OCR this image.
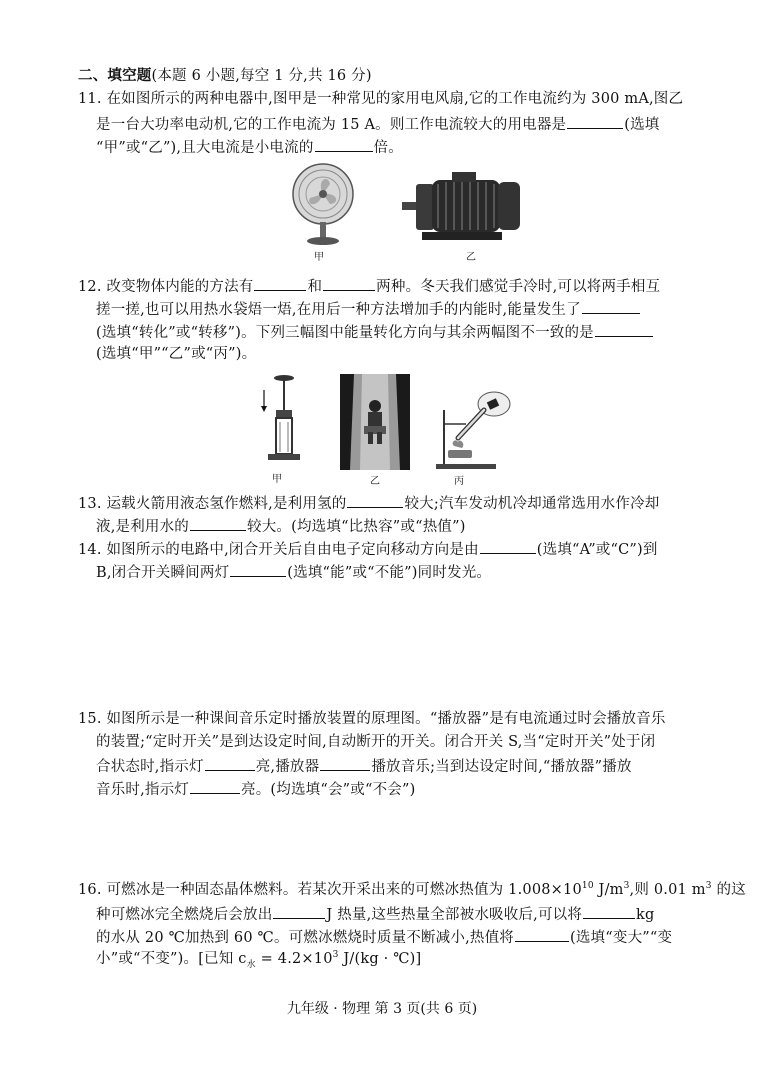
二、填空题(本题 6 小题,每空 1 分,共 16 分)
11. 在如图所示的两种电器中,图甲是一种常见的家用电风扇,它的工作电流约为 300 mA,图乙
是一台大功率电动机,它的工作电流为 15 A。则工作电流较大的用电器是	(选填
“甲”或“乙”),且大电流是小电流的	倍。
甲	乙
12. 改变物体内能的方法有	和	两种。冬天我们感觉手冷时,可以将两手相互
搓一搓,也可以用热水袋焐一焐,在用后一种方法增加手的内能时,能量发生了
(选填“转化”或“转移”)。下列三幅图中能量转化方向与其余两幅图不一致的是
(选填“甲”“乙”或“丙”)。
甲	乙	丙
13. 运载火箭用液态氢作燃料,是利用氢的	较大;汽车发动机冷却通常选用水作冷却
液,是利用水的	较大。(均选填“比热容”或“热值”)
14. 如图所示的电路中,闭合开关后自由电子定向移动方向是由	(选填“A”或“C”)到
B,闭合开关瞬间两灯	(选填“能”或“不能”)同时发光。
15. 如图所示是一种课间音乐定时播放装置的原理图。“播放器”是有电流通过时会播放音乐
的装置;“定时开关”是到达设定时间,自动断开的开关。闭合开关 S,当“定时开关”处于闭
合状态时,指示灯	亮,播放器	播放音乐;当到达设定时间,“播放器”播放
音乐时,指示灯	亮。(均选填“会”或“不会”)
16. 可燃冰是一种固态晶体燃料。若某次开采出来的可燃冰热值为 $1.008\times 10^{10}$ $J/m^3$,则 0.01 $m^3$ 的这
种可燃冰完全燃烧后会放出	J 热量,这些热量全部被水吸收后,可以将	kg
的水从 20 ℃加热到 60 ℃。可燃冰燃烧时质量不断减小,热值将	(选填“变大”“变
小”或“不变”)。[已知 $c_水 = 4.2\times 10^3$ J/(kg · ℃)]
九年级 · 物理 第 3 页(共 6 页)
